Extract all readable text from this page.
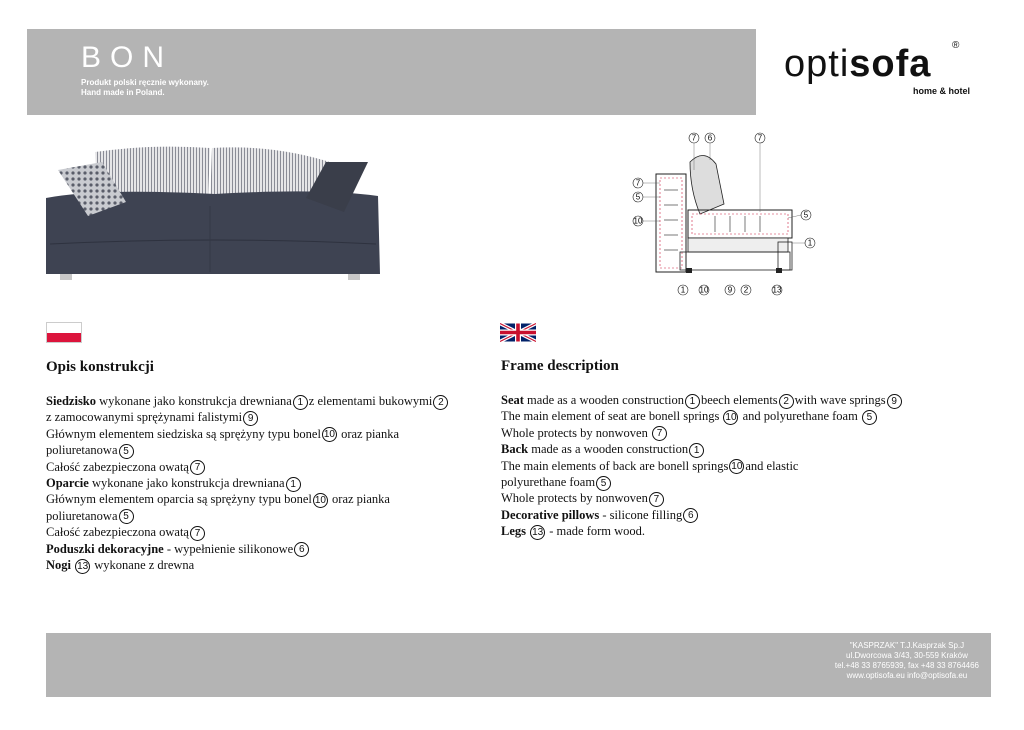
BON
Produkt polski ręcznie wykonany.
Hand made in Poland.
optisofa ®
home & hotel
7 6	7
7
5
10
5
1
1 10 9 2	13
Opis konstrukcji	Frame description
Siedzisko wykonane jako konstrukcja drewniana 1 z elementami bukowymi 2
z zamocowanymi sprężynami falistymi 9
Głównym elementem siedziska są sprężyny typu bonel 10 oraz pianka
poliuretanowa 5
Całość zabezpieczona owatą 7
Oparcie wykonane jako konstrukcja drewniana 1
Głównym elementem oparcia są sprężyny typu bonel 10 oraz pianka
poliuretanowa 5
Całość zabezpieczona owatą 7
Poduszki dekoracyjne - wypełnienie silikonowe 6
Nogi 13 wykonane z drewna
Seat made as a wooden construction 1 beech elements 2 with wave springs 9
The main element of seat are bonell springs 10 and polyurethane foam 5
Whole protects by nonwoven 7
Back made as a wooden construction 1
The main elements of back are bonell springs 10 and elastic
polyurethane foam 5
Whole protects by nonwoven 7
Decorative pillows - silicone filling 6
Legs 13 - made form wood.
"KASPRZAK" T.J.Kasprzak Sp.J
ul.Dworcowa 3/43, 30-559 Kraków
tel.+48 33 8765939, fax +48 33 8764466
www.optisofa.eu info@optisofa.eu
